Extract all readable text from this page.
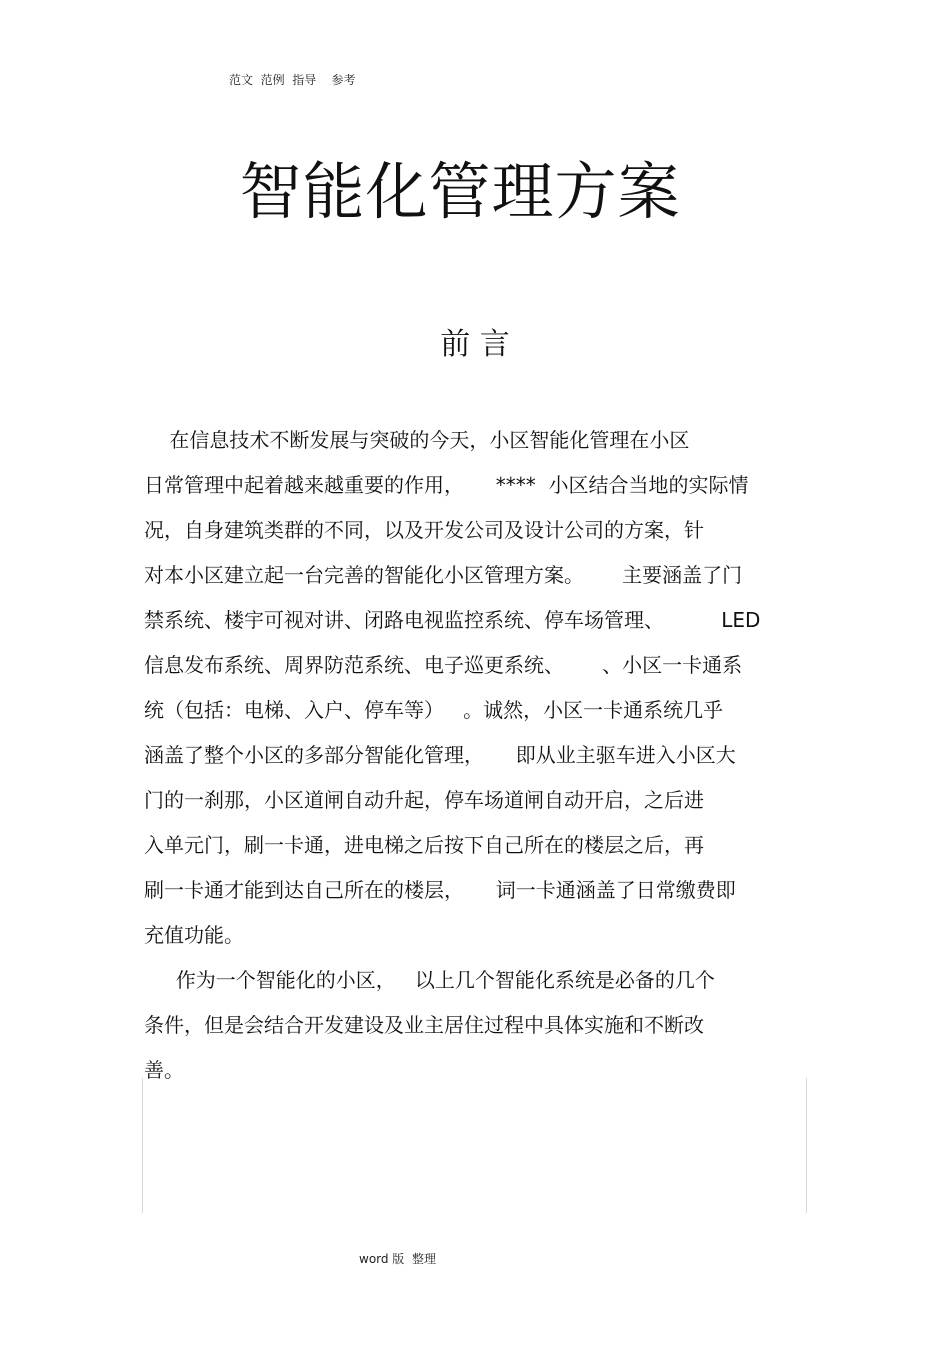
范文  范例  指导    参考
智能化管理方案
前 言
在信息技术不断发展与突破的今天，小区智能化管理在小区
日常管理中起着越来越重要的作用，     ****  小区结合当地的实际情
况，自身建筑类群的不同，以及开发公司及设计公司的方案，针
对本小区建立起一台完善的智能化小区管理方案。      主要涵盖了门
禁系统、楼宇可视对讲、闭路电视监控系统、停车场管理、         LED
信息发布系统、周界防范系统、电子巡更系统、      、小区一卡通系
统（包括：电梯、入户、停车等）   。诚然，小区一卡通系统几乎
涵盖了整个小区的多部分智能化管理，     即从业主驱车进入小区大
门的一刹那，小区道闸自动升起，停车场道闸自动开启，之后进
入单元门，刷一卡通，进电梯之后按下自己所在的楼层之后，再
刷一卡通才能到达自己所在的楼层，     词一卡通涵盖了日常缴费即
充值功能。
作为一个智能化的小区，   以上几个智能化系统是必备的几个
条件，但是会结合开发建设及业主居住过程中具体实施和不断改
善。
word 版  整理
